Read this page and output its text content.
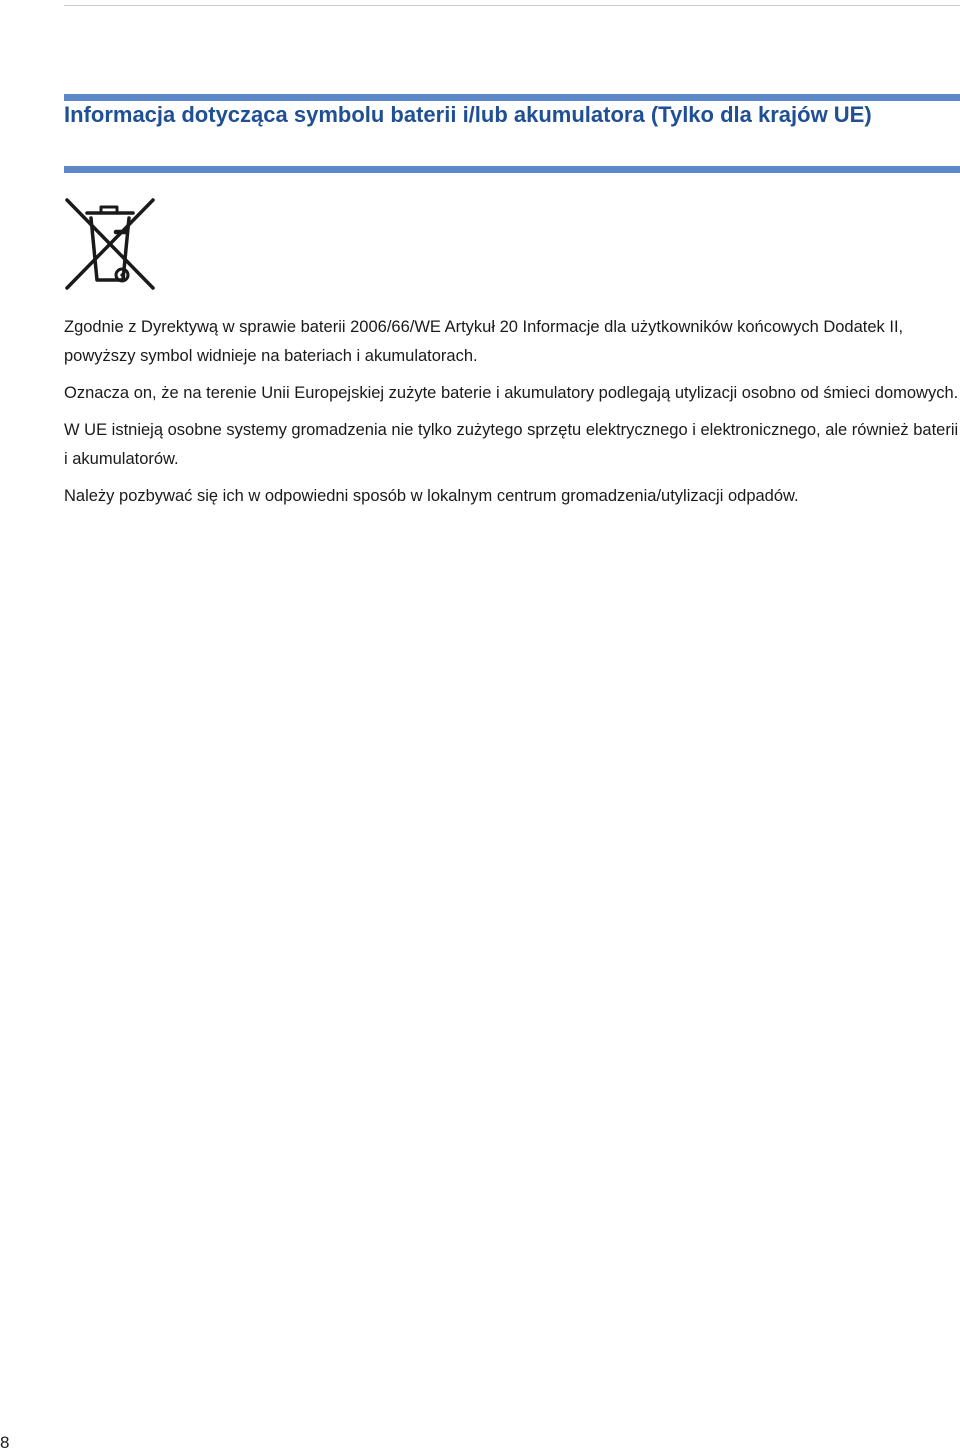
Informacja dotycząca symbolu baterii i/lub akumulatora (Tylko dla krajów UE)

Zgodnie z Dyrektywą w sprawie baterii 2006/66/WE Artykuł 20 Informacje dla użytkowników końcowych Dodatek II, powyższy symbol widnieje na bateriach i akumulatorach.

Oznacza on, że na terenie Unii Europejskiej zużyte baterie i akumulatory podlegają utylizacji osobno od śmieci domowych.

W UE istnieją osobne systemy gromadzenia nie tylko zużytego sprzętu elektrycznego i elektronicznego, ale również baterii i akumulatorów.

Należy pozbywać się ich w odpowiedni sposób w lokalnym centrum gromadzenia/utylizacji odpadów.

8
